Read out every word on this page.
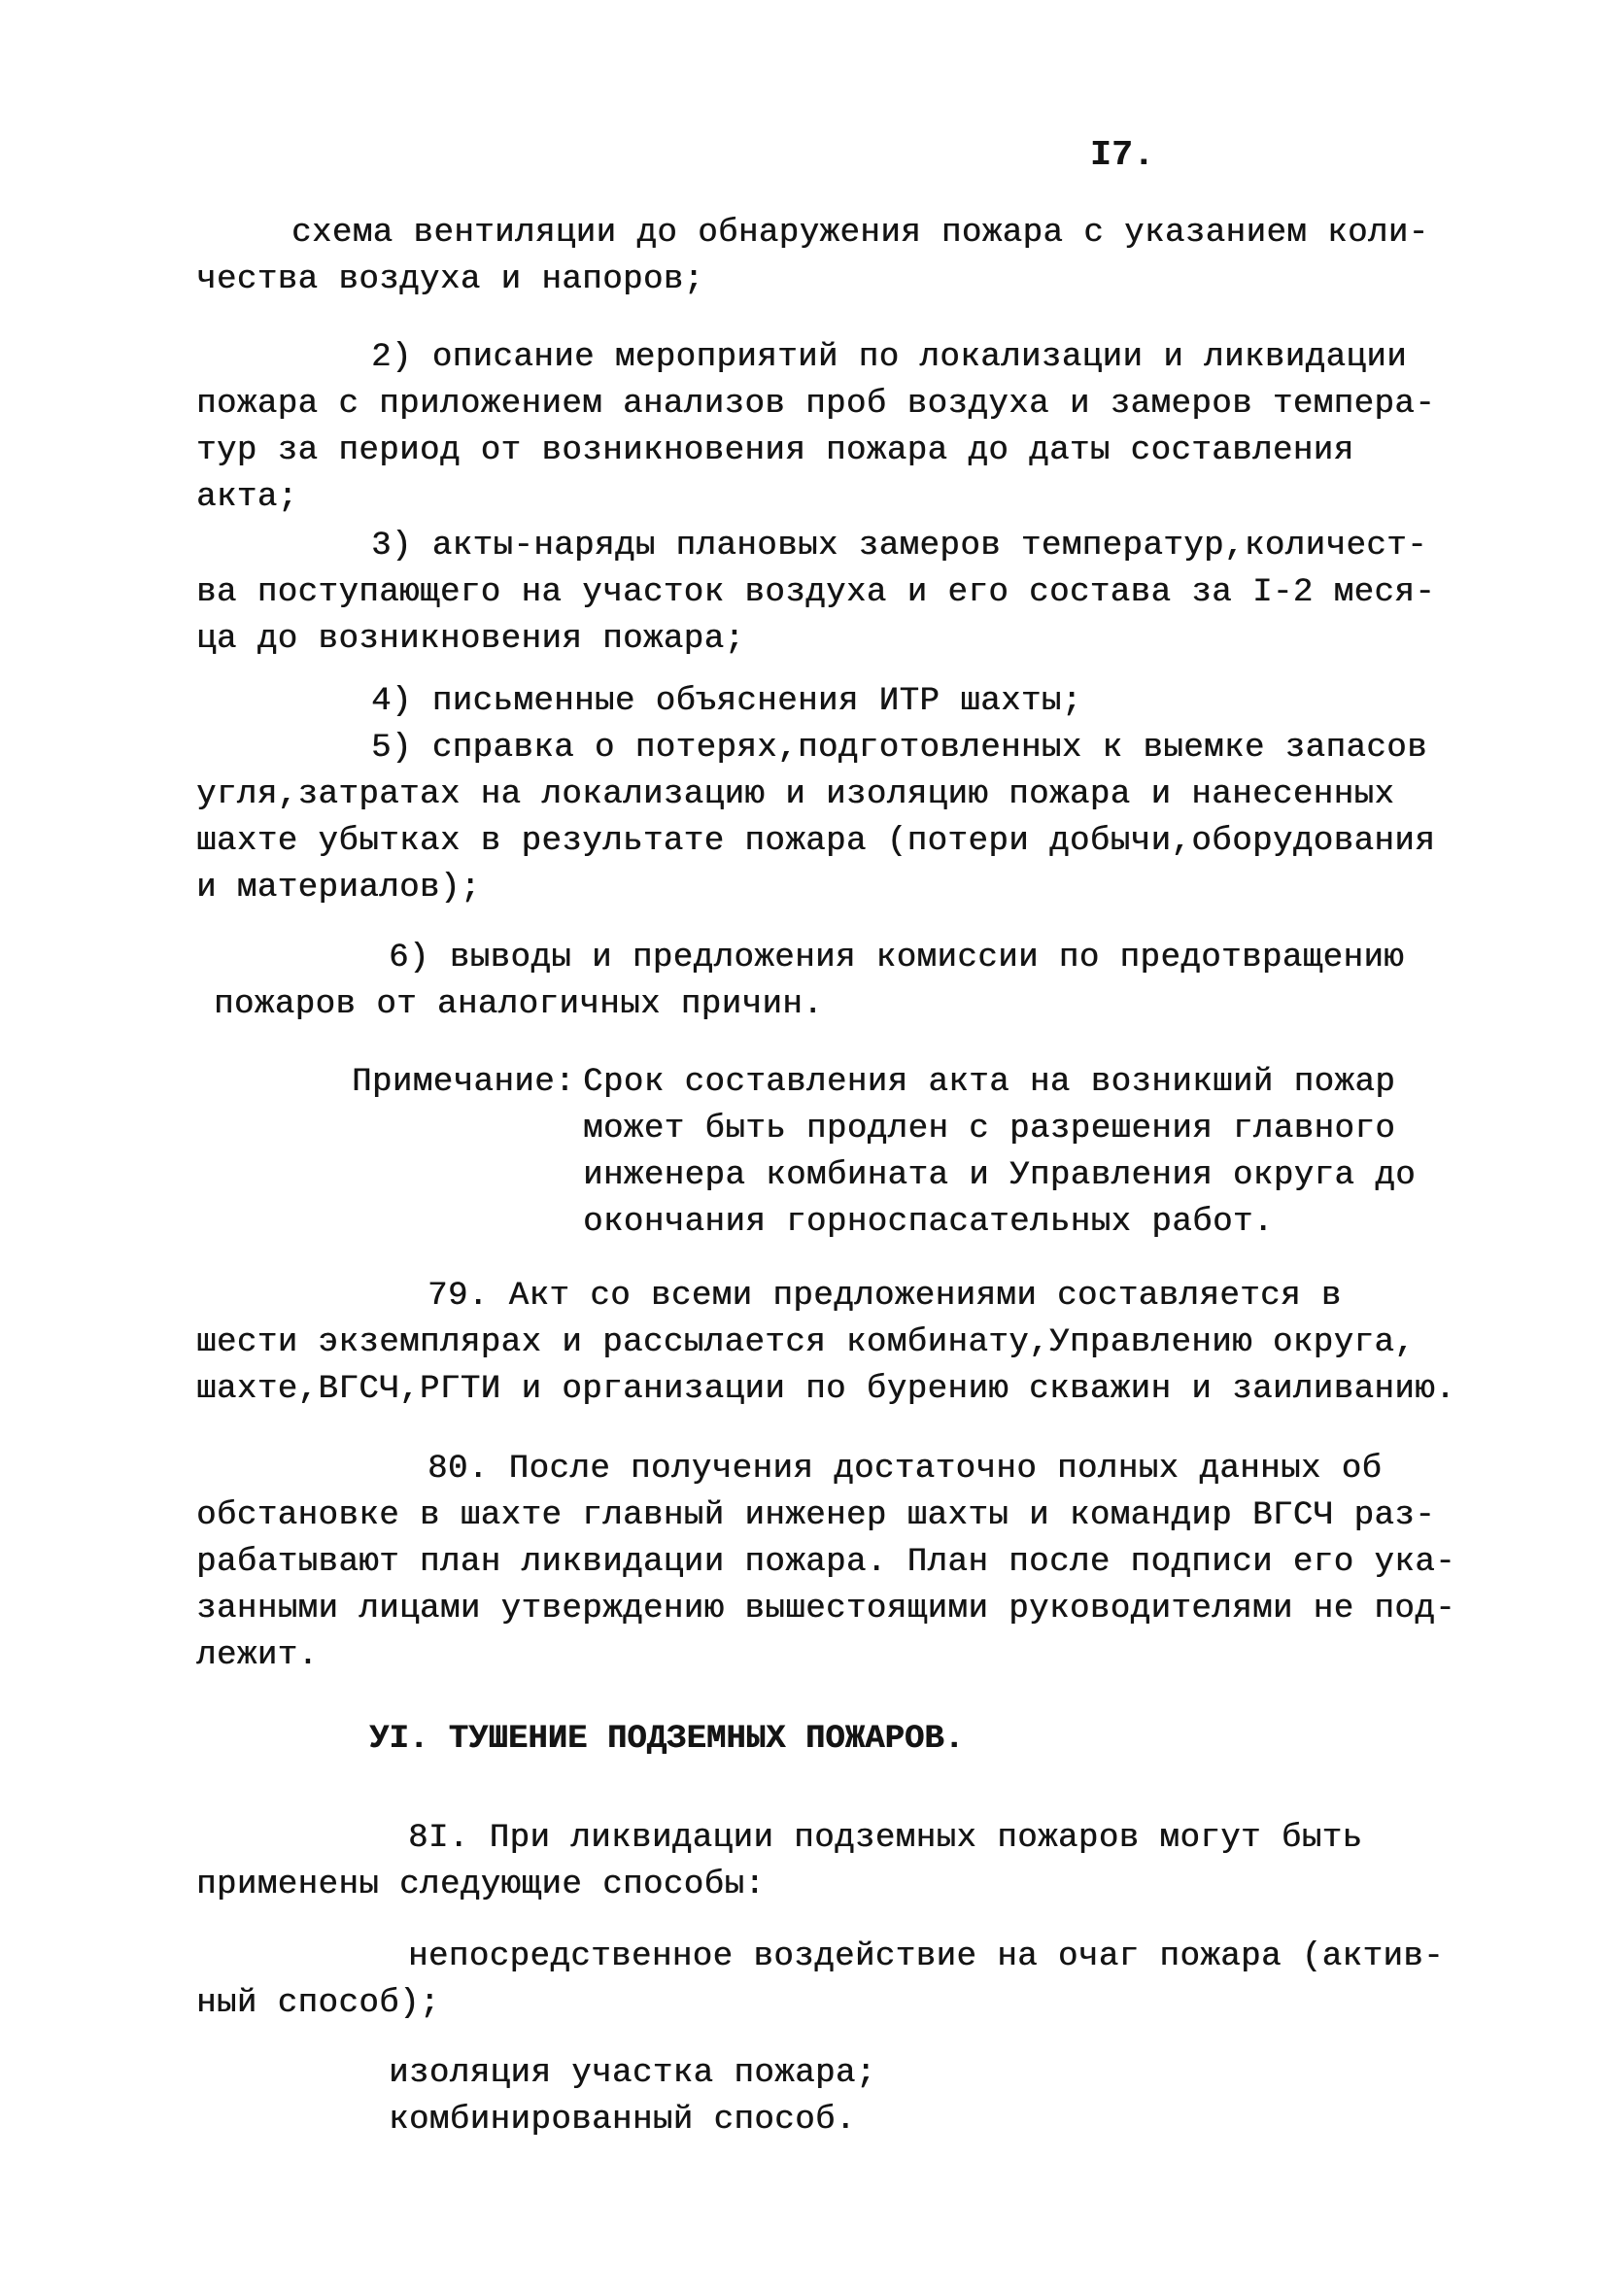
I7.
схема вентиляции до обнаружения пожара с указанием коли-
чества воздуха и напоров;
2) описание мероприятий по локализации и ликвидации
пожара с приложением анализов проб воздуха и замеров темпера-
тур за период от возникновения пожара до даты составления
акта;
3) акты-наряды плановых замеров температур,количест-
ва поступающего на участок воздуха и его состава за I-2 меся-
ца до возникновения пожара;
4) письменные объяснения ИТР шахты;
5) справка о потерях,подготовленных к выемке запасов
угля,затратах на локализацию и изоляцию пожара и нанесенных
шахте убытках в результате пожара (потери добычи,оборудования
и материалов);
6) выводы и предложения комиссии по предотвращению
пожаров от аналогичных причин.
Примечание: Срок составления акта на возникший пожар
может быть продлен с разрешения главного
инженера комбината и Управления округа до
окончания горноспасательных работ.
79. Акт со всеми предложениями составляется в
шести экземплярах и рассылается комбинату,Управлению округа,
шахте,ВГСЧ,РГТИ и организации по бурению скважин и заиливанию.
80. После получения достаточно полных данных об
обстановке в шахте главный инженер шахты и командир ВГСЧ раз-
рабатывают план ликвидации пожара. План после подписи его ука-
занными лицами утверждению вышестоящими руководителями не под-
лежит.
УI. ТУШЕНИЕ ПОДЗЕМНЫХ ПОЖАРОВ.
8I. При ликвидации подземных пожаров могут быть
применены следующие способы:
непосредственное воздействие на очаг пожара (актив-
ный способ);
изоляция участка пожара;
комбинированный способ.
